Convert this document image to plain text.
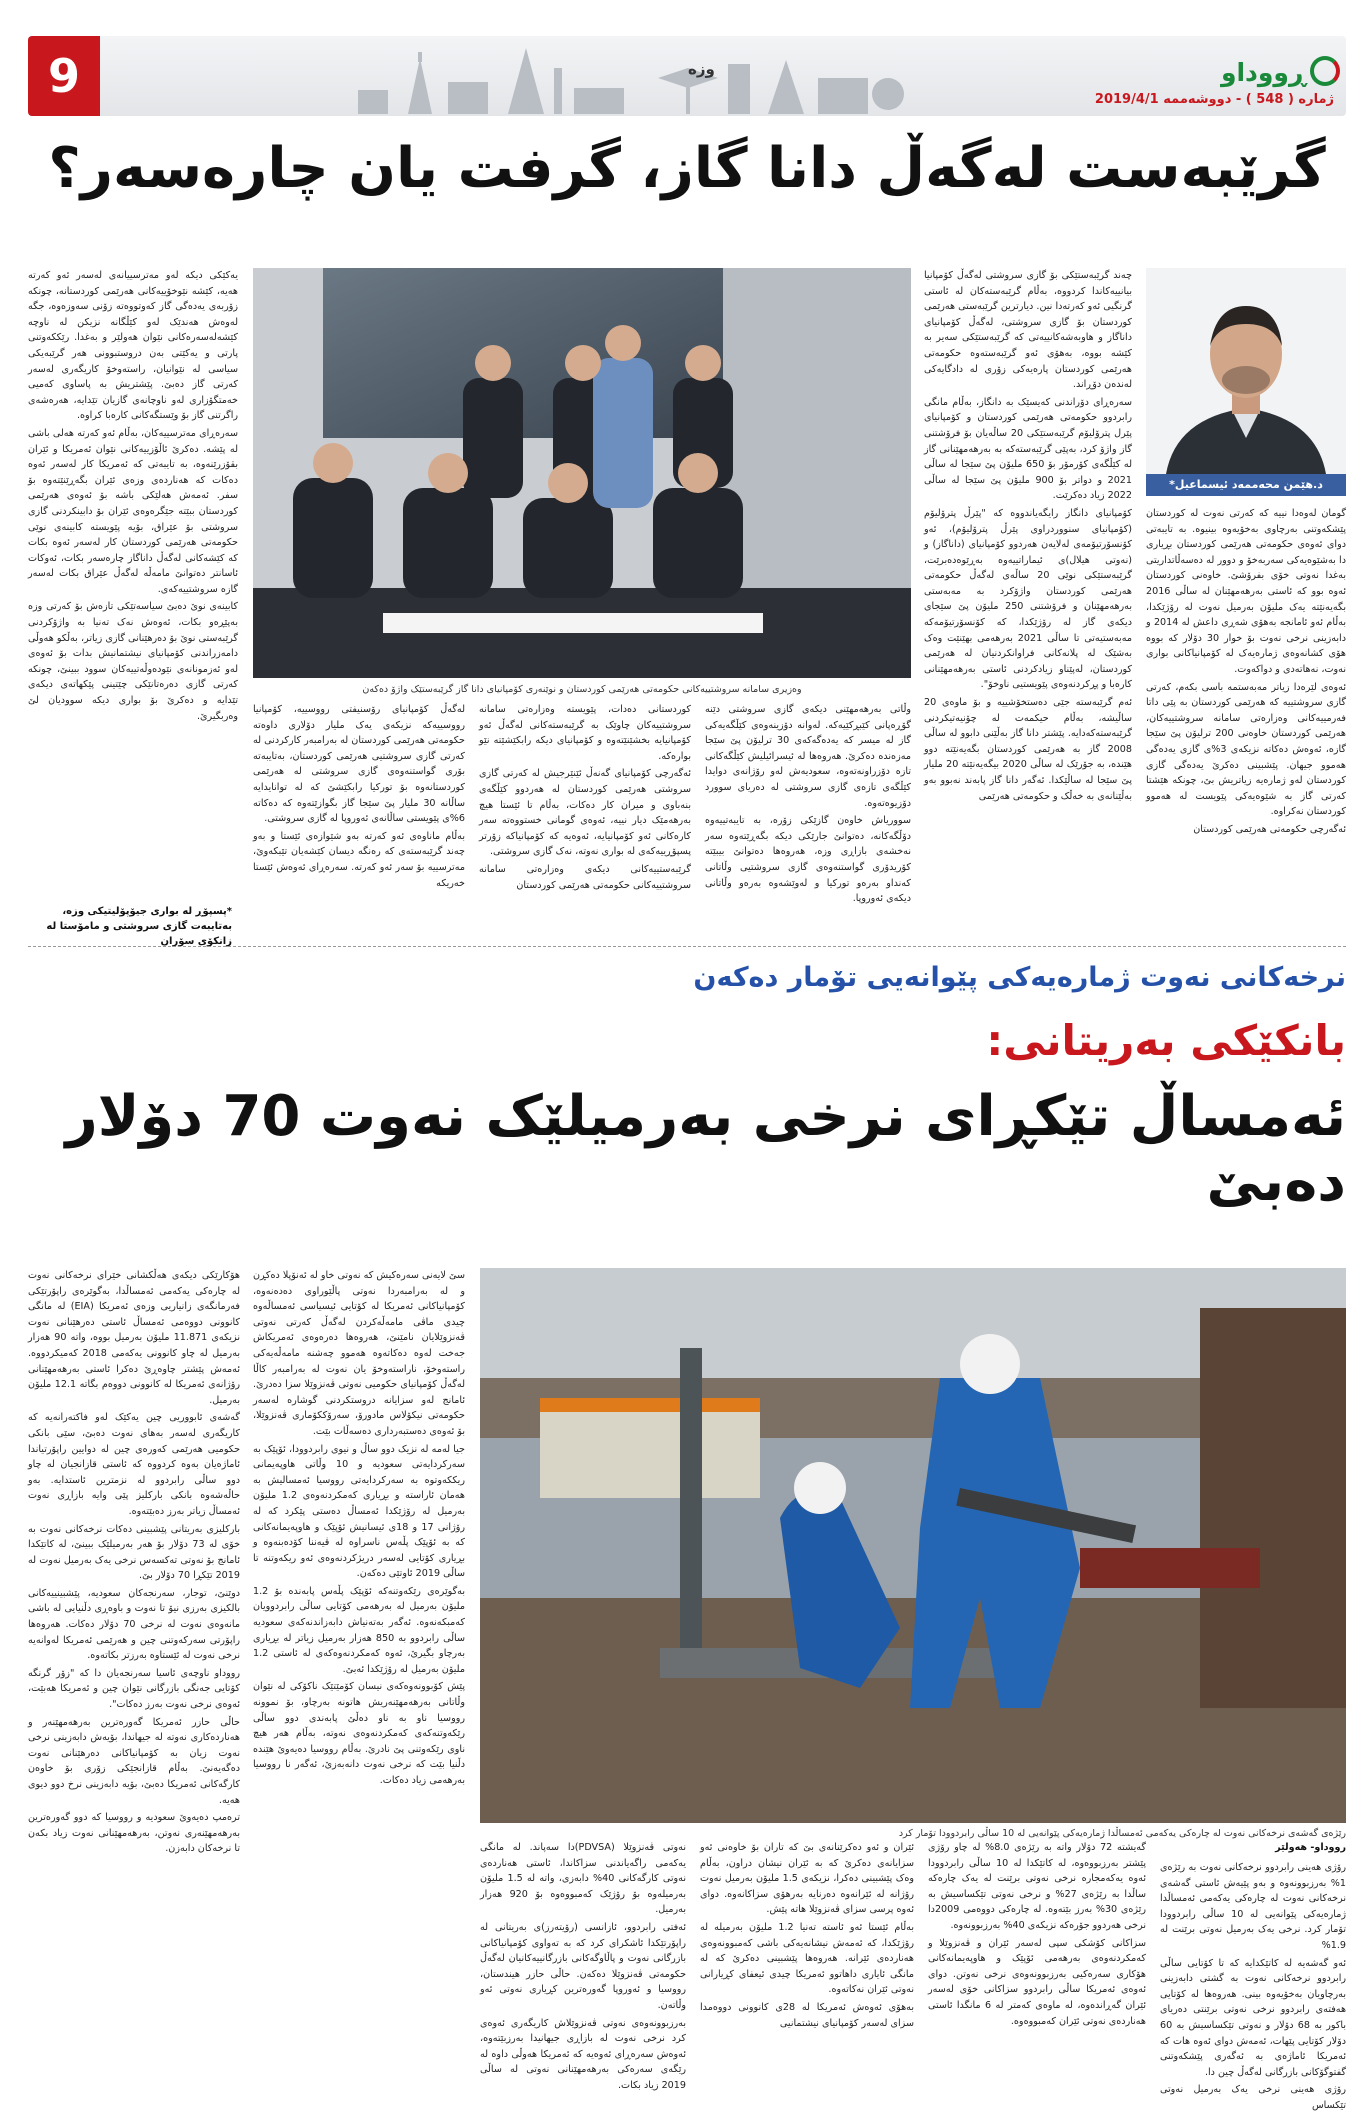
9	وزە	ڕووداو
ژمارە ( 548 ) - دووشەممە 2019/4/1
گرێبەست لەگەڵ دانا گاز، گرفت یان چارەسەر؟
د.هێمن محەممەد ئیسماعیل*

گومان لەوەدا نییە کە کەرتی نەوت لە کوردستان پێشکەوتنی بەرچاوی بەخۆیەوە بینیوە. بە تایبەتی دوای ئەوەی حکومەتی هەرێمی کوردستان بڕیاری دا بەشێوەیەکی سەربەخۆ و دوور لە دەسەڵاتداریتی بەغدا نەوتی خۆی بفرۆشێ. خاوەنی کوردستان ئەوە بوو کە ئاستی بەرهەمهێنان لە ساڵی 2016 بگەیەنێتە یەک ملیۆن بەرمیل نەوت لە رۆژێکدا، بەڵام ئەو ئامانجە بەهۆی شەڕی داعش لە 2014 و دابەزینی نرخی نەوت بۆ خوار 30 دۆلار کە بووە هۆی کشانەوەی ژمارەیەک لە کۆمپانیاکانی بواری نەوت، نەهاتەدی و دواکەوت.

ئەوەی لێرەدا زیاتر مەبەستمە باسی بکەم، کەرتی گازی سروشتییە کە هەرێمی کوردستان بە پێی داتا فەرمییەکانی وەزارەتی سامانە سروشتییەکان، هەرێمی کوردستان خاوەنی 200 ترلیۆن پێ سێجا گازە، ئەوەش دەکاتە نزیکەی 3%ی گازی یەدەگی هەموو جیهان. پێشبینی دەکرێ یەدەگی گازی کوردستان لەو ژمارەیە زیاتریش بێ، چونکە هێشتا کەرتی گاز بە شێوەیەکی پێویست لە هەموو کوردستان نەکراوە.

ئەگەرچی حکومەتی هەرێمی کوردستان

چەند گرێبەستێکی بۆ گازی سروشتی لەگەڵ کۆمپانیا بیانییەکاندا کردووە، بەڵام گرێبەستەکان لە ئاستی گرنگیی ئەو کەرتەدا نین. دیارترین گرێبەستی هەرێمی کوردستان بۆ گازی سروشتی، لەگەڵ کۆمپانیای داناگاز و هاوبەشەکانییەتی کە گرێبەستێکی سەیر بە کێشە بووە، بەهۆی ئەو گرێبەستەوە حکومەتی هەرێمی کوردستان پارەیەکی زۆری لە دادگایەکی لەندەن دۆڕاند.

سەرەڕای دۆراندنی کەیسێک بە دانگاز، بەڵام مانگی رابردوو حکومەتی هەرێمی کوردستان و کۆمپانیای پێرل پترۆلیۆم گرێبەستێکی 20 ساڵەیان بۆ فرۆشتنی گاز واژۆ کرد، بەپێی گرێبەستەکە بە بەرهەمهێنانی گاز لە کێڵگەی کۆرمۆر بۆ 650 ملیۆن پێ سێجا لە ساڵی 2021 و دواتر بۆ 900 ملیۆن پێ سێجا لە ساڵی 2022 زیاد دەکرێت.

کۆمپانیای دانگاز رایگەیاندووە کە "پێرڵ پترۆلیۆم (کۆمپانیای سنووردراوی پێرڵ پترۆلیۆم)، ئەو کۆنسۆرتیۆمەی لەلایەن هەردوو کۆمپانیای (داناگاز) و (نەوتی هیلال)ی ئیماراتییەوە بەڕێوەدەبرێت، گرێبەستێکی نوێی 20 ساڵەی لەگەڵ حکومەتی هەرێمی کوردستان واژۆکرد بە مەبەستی بەرهەمهێنان و فرۆشتنی 250 ملیۆن پێ سێجای دیکەی گاز لە رۆژێکدا، کە کۆنسۆرتیۆمەکە مەبەستیەتی تا ساڵی 2021 بەرهەمی بهێنێت وەک بەشێک لە پلانەکانی فراوانکردنیان لە هەرێمی کوردستان، لەپێناو زیادکردنی ئاستی بەرهەمهێنانی کارەبا و پڕکردنەوەی پێویستیی ناوخۆ".

ئەم گرێبەستە جێی دەستخۆشییە و بۆ ماوەی 20 ساڵیشە، بەڵام حیکمەت لە چۆنیەتیکردنی گرێبەستەکەدایە. پێشتر دانا گاز بەڵێنی دابوو لە ساڵی 2008 گاز بە هەرێمی کوردستان بگەیەنێتە دوو هێندە، بە جۆرێک لە ساڵی 2020 بیگەیەنێتە 20 ملیار پێ سێجا لە ساڵێکدا. ئەگەر دانا گاز پابەند نەبوو بەو بەڵێنانەی بە خەڵک و حکومەتی هەرێمی

وەزیری سامانە سروشتییەکانی حکومەتی هەرێمی کوردستان و نوێنەری کۆمپانیای دانا گاز گرێبەستێک واژۆ دەکەن

کوردستانی دەدات، پێویستە وەزارەتی سامانە سروشتییەکان چاوێک بە گرێبەستەکانی لەگەڵ ئەو کۆمپانیایە بخشێنێتەوە و کۆمپانیای دیکە رابکێشێتە نێو بوارەکە.

ئەگەرچی کۆمپانیای گەنەڵ ئێنێرجیش لە کەرتی گازی سروشتی هەرێمی کوردستان لە هەردوو کێڵگەی بنەباوی و میران کار دەکات، بەڵام تا ئێستا هیچ بەرهەمێک دیار نییە، ئەوەی گومانی خستووەتە سەر کارەکانی ئەو کۆمپانیایە، ئەوەیە کە کۆمپانیاکە زۆرتر پسپۆڕییەکەی لە بواری نەوتە، نەک گازی سروشتی.

گرێبەستییەکانی دیکەی وەزارەتی سامانە سروشتییەکانی حکومەتی هەرێمی کوردستان

لەگەڵ کۆمپانیای رۆسنیفتی رووسییە، کۆمپانیا رووسییەکە نزیکەی یەک ملیار دۆلاری داوەتە حکومەتی هەرێمی کوردستان لە بەرامبەر کارکردنی لە کەرتی گازی سروشتیی هەرێمی کوردستان، بەتایبەتە بۆری گواستنەوەی گازی سروشتی لە هەرێمی کوردستانەوە بۆ تورکیا رابکێشێ کە لە توانایدایە ساڵانە 30 ملیار پێ سێجا گاز بگوازێتەوە کە دەکاتە 6%ی پێویستی ساڵانەی ئەوروپا لە گازی سروشتی.

بەڵام ماناوەی ئەو کەرتە بەو شێوازەی ئێستا و بەو چەند گرێبەستەی کە رەنگە دیسان کێشەیان تێبکەوێ، مەترسییە بۆ سەر ئەو کەرتە. سەرەڕای ئەوەش ئێستا خەریکە

وڵاتی بەرهەمهێنی دیکەی گازی سروشتی دێنە گۆڕەپانی کێبڕکێیەکە. لەوانە دۆزینەوەی کێڵگەیەکی گاز لە میسر کە یەدەگەکەی 30 ترلیۆن پێ سێجا مەزەندە دەکرێ. هەروەها لە ئیسرائیلیش کێڵگەکانی تازە دۆزراونەتەوە، سعودیەش لەو رۆژانەی دوایدا کێڵگەی تازەی گازی سروشتی لە دەریای سوورد دۆزیوەتەوە.

سووریاش خاوەن گازێکی زۆرە، بە تایبەتییەوە دۆڵگەکانە، دەتوانێ جارێکی دیکە بگەڕێتەوە سەر نەخشەی بازاڕی وزە، هەروەها دەتوانێ بیبێتە کۆریدۆری گواستنەوەی گازی سروشتیی وڵاتانی کەنداو بەرەو تورکیا و لەوێشەوە بەرەو وڵاتانی دیکەی ئەوروپا.

یەکێکی دیکە لەو مەترسییانەی لەسەر ئەو کەرتە هەیە، کێشە نێوخۆییەکانی هەرێمی کوردستانە، چونکە زۆربەی یەدەگی گاز کەوتووەتە زۆنی سەوزەوە، جگە لەوەش هەندێک لەو کێڵگانە نزیکن لە ناوچە کێشەلەسەرەکانی نێوان هەولێر و بەغدا. رێککەوتنی پارتی و یەکێتی بەن دروستبوونی هەر گرێبەیکی سیاسی لە نێوانیان، راستەوخۆ کاریگەری لەسەر کەرتی گاز دەبێ. پێشتریش بە پاساوی کەمیی خەمتگۆزاری لەو ناوچانەی گازیان تێدایە، هەرەشەی راگرتنی گاز بۆ وێستگەکانی کارەبا کراوە.

سەرەڕای مەترسییەکان، بەڵام ئەو کەرتە هەلی باشی لە پێشە. دەکرێ ئاڵۆزییەکانی نێوان ئەمریکا و ئێران بقۆزرێنەوە، بە تایبەتی کە ئەمریکا کار لەسەر ئەوە دەکات کە هەناردەی وزەی ئێران بگەڕێنێتەوە بۆ سفر. ئەمەش هەلێکی باشە بۆ ئەوەی هەرێمی کوردستان ببێتە جێگرەوەی ئێران بۆ دابینکردنی گازی سروشتی بۆ عێراق، بۆیە پێویستە کابینەی نوێی حکومەتی هەرێمی کوردستان کار لەسەر ئەوە بکات کە کێشەکانی لەگەڵ داناگاز چارەسەر بکات، ئەوکات ئاسانتر دەتوانێ مامەڵە لەگەڵ عێراق بکات لەسەر گازە سروشتییەکەی.

کابینەی نوێ دەبێ سیاسەتێکی تازەش بۆ کەرتی وزە بەپێڕەو بکات، ئەوەش نەک تەنیا بە واژۆکردنی گرێبەستی نوێ بۆ دەرهێنانی گازی زیاتر، بەڵکو هەوڵی دامەزراندنی کۆمپانیای نیشتمانیش بدات بۆ ئەوەی لەو ئەزمونانەی نێودەوڵەتییەکان سوود ببینێ، چونکە کەرتی گازی دەرەتانێکی چێتینی پێکهاتەی دیکەی تێدایە و دەکرێ بۆ بواری دیکە سوودیان لێ وەربگیرێ.

*پسپۆڕ لە بواری جیۆپۆلیتیکی وزە، بەتایبەت گازی سروشتی و مامۆستا لە زانکۆی سۆران
نرخەکانی نەوت ژمارەیەکی پێوانەیی تۆمار دەکەن
بانکێکی بەریتانی:
ئەمساڵ تێکڕای نرخی بەرمیلێک نەوت 70 دۆلار دەبێ
رێژەی گەشەی نرخەکانی نەوت لە چارەکی یەکەمی ئەمساڵدا ژمارەیەکی پێوانەیی لە 10 ساڵی رابردوودا تۆمار کرد
رووداو- هەولێر

رۆژی هەینی رابردوو نرخەکانی نەوت بە رێژەی 1% بەرزبوونەوە و بەو پێیەش ئاستی گەشەی نرخەکانی نەوت لە چارەکی یەکەمی ئەمساڵدا ژمارەیەکی پێوانەیی لە 10 ساڵی رابردوودا تۆمار کرد. نرخی یەک بەرمیل نەوتی برێنت لە 1.9%

ئەو گەشەیە لە کاتێکدایە کە تا کۆتایی ساڵی رابردوو نرخەکانی نەوت بە گشتی دابەزینی بەرچاویان بەخۆیەوە بینی. هەروەها لە کۆتایی هەفتەی رابردوو نرخی نەوتی برێنتی دەریای باکور بە 68 دۆلار و نەوتی تێکساسیش بە 60 دۆلار کۆتایی پێهات، ئەمەش دوای ئەوە هات کە ئەمریکا ئاماژەی بە ئەگەری پێشکەوتنی گفتوگۆکانی بازرگانی لەگەڵ چین دا.

رۆژی هەینی نرخی یەک بەرمیل نەوتی تێکساس

گەیشتە 72 دۆلار واتە بە رێژەی 8.0% لە چاو رۆژی پێشتر بەرزبووەوە، لە کاتێکدا لە 10 ساڵی رابردوودا ئەوە یەکەمجارە نرخی نەوتی برێنت لە یەک چارەکە ساڵدا بە رێژەی 27% و نرخی نەوتی تێکساسیش بە رێژەی 30% بەرز بێتەوە. لە چارەکی دووەمی 2009دا نرخی هەردوو جۆرەکە نزیکەی 40% بەرزبوونەوە.

سزاکانی کۆشکی سپی لەسەر ئێران و ڤەنزوێلا و کەمکردنەوەی بەرهەمی ئۆپێک و هاوپەیمانەکانی هۆکاری سەرەکیی بەرزبوونەوەی نرخی نەوتن. دوای ئەوەی ئەمریکا ساڵی رابردوو سزاکانی خۆی لەسەر ئێران گەڕاندەوە، لە ماوەی کەمتر لە 6 مانگدا ئاستی هەناردەی نەوتی ئێران کەمبووەوە.

ئێران و ئەو دەکرێنانەی بێ کە تاران بۆ خاوەنی ئەو سزایانەی دەکرێ کە بە ئێران نیشان دراون، بەڵام وەک پێشبینی دەکرا، نزیکەی 1.5 ملیۆن بەرمیل نەوت رۆژانە لە ئێرانەوە دەرنایە بەرهۆی سزاکانەوە. دوای ئەوە پرسی سزای ڤەنزوێلا هاتە پێش.

بەڵام ئێستا ئەو ئاستە تەنیا 1.2 ملیۆن بەرمیلە لە رۆژێکدا، کە ئەمەش نیشانەیەکی باشی کەمبوونەوەی هەناردەی ئێرانە. هەروەها پێشبینی دەکرێ کە لە مانگی ئایاری داهاتوو ئەمریکا چیدی ئیعفای کڕیارانی نەوتی ئێران نەکاتەوە.

بەهۆی ئەوەش ئەمریکا لە 28ی کانوونی دووەمدا سزای لەسەر کۆمپانیای نیشتمانیی

نەوتی ڤەنزوێلا (PDVSA)دا سەپاند. لە مانگی یەکەمی راگەیاندنی سزاکاندا، ئاستی هەناردەی نەوتی کارگەکانی 40% دابەزی، واتە لە 1.5 ملیۆن بەرمیلەوە بۆ رۆژێک کەمبووەوە بۆ 920 هەزار بەرمیل.

ئەفتی رابردوو، ئازانسی (رۆیتەرز)ی بەریتانی لە راپۆرتێکدا ئاشکرای کرد کە بە تەواوی کۆمپانیاکانی بازرگانی نەوت و پاڵاوگەکانی بازرگانییەکانیان لەگەڵ حکومەتی ڤەنزوێلا دەکەن. حاڵی حازر هیندستان، رووسیا و ئەوروپا گەورەترین کڕیاری نەوتی ئەو وڵاتەن.

بەرزبوونەوەی نەوتی ڤەنزوێلاش کاریگەری ئەوەی کرد نرخی نەوت لە بازاڕی جیهانیدا بەرزبێتەوە، ئەوەش سەرەڕای ئەوەیە کە ئەمریکا هەوڵی داوە لە رێگەی سەرەکی بەرهەمهێنانی نەوتی لە ساڵی 2019 زیاد بکات.

سێ لایەنی سەرەکیش کە نەوتی خاو لە ئەنۆپلا دەکڕن و لە بەرامبەردا نەوتی پاڵێوراوی دەدەنەوە، کۆمپانیاکانی ئەمریکا لە کۆتایی ئیسیاسی ئەمساڵەوە چیدی ماڤی مامەڵەکردن لەگەڵ کەرتی نەوتی ڤەنزوێلایان نامێنێ، هەروەها دەرەوەی ئەمریکاش جەخت لەوە دەکاتەوە هەموو چەشنە مامەڵەیەکی راستەوخۆ، ناراستەوخۆ یان نەوت لە بەرامبەر کاڵا لەگەڵ کۆمپانیای حکومیی نەوتی ڤەنزوێلا سزا دەدرێ. ئامانج لەو سزایانە دروستکردنی گوشارە لەسەر حکومەتی نیکۆلاس مادورۆ، سەرۆککۆماری ڤەنزوێلا، بۆ ئەوەی دەستبەرداری دەسەڵات بێت.

جیا لەمە لە نزیک دوو ساڵ و نیوی رابردوودا، ئۆپێک بە سەرکردایەتی سعودیە و 10 وڵاتی هاوپەیمانی ریککەوتوە بە سەرکردایەتی رووسیا ئەمسالیش بە هەمان ئاراستە و بڕیاری کەمکردنەوەی 1.2 ملیۆن بەرمیل لە رۆژێکدا ئەمساڵ دەستی پێکرد کە لە رۆژانی 17 و 18ی ئیسانیش ئۆپێک و هاوپەیمانەکانی کە بە ئۆپێک پڵەس ناسراوە لە ڤیەننا کۆدەبنەوە و بڕیاری کۆتایی لەسەر دریژکردنەوەی ئەو ریکەوتنە تا ساڵی 2019 ئاوتێی دەکەن.

بەگوێرەی رێکەوتنەکە ئۆپێک پڵەس پابەندە بۆ 1.2 ملیۆن بەرمیل لە بەرهەمی کۆتایی ساڵی رابردوویان کەمبکەنەوە. ئەگەر بەتەنیاش دابەزاندنەکەی سعودیە ساڵی رابردوو بە 850 هەزار بەرمیل زیاتر لە بڕیاری بەرچاو بگیرێ، ئەوە کەمکردنەوەکەی لە ئاستی 1.2 ملیۆن بەرمیل لە رۆژێکدا ئەبێ.

پێش کۆبوونەوەکەی نیسان کۆمێتێک ناکۆکی لە نێوان وڵاتانی بەرهەمهێنەریش هاتونە بەرچاو، بۆ نموونە رووسیا ناو بە ناو دەڵێ پابەندی دوو ساڵی رێکەوتنەکەی کەمکردنەوەی نەوتە، بەڵام هەر هیچ ناوی رێکەوتنی پێ نادرێ. بەڵام رووسیا دەیەوێ هێندە دڵنیا بێت کە نرخی نەوت دانەبەزێ، ئەگەر نا رووسیا بەرهەمی زیاد دەکات.

هۆکارێکی دیکەی هەڵکشانی خێرای نرخەکانی نەوت لە چارەکی یەکەمی ئەمساڵدا، بەگوێرەی راپۆرتێکی فەرمانگەی زانیاریی وزەی ئەمریکا (EIA) لە مانگی کانوونی دووەمی ئەمساڵ ئاستی دەرهێنانی نەوت نزیکەی 11.871 ملیۆن بەرمیل بووە، واتە 90 هەزار بەرمیل لە چاو کانوونی یەکەمی 2018 کەمیکردووە. ئەمەش پێشتر چاوەڕێ دەکرا ئاستی بەرهەمهێنانی رۆژانەی ئەمریکا لە کانوونی دووەم بگاتە 12.1 ملیۆن بەرمیل.

گەشەی ئابووریی چین یەکێک لەو فاکتەرانەیە کە کاریگەری لەسەر بەهای نەوت دەبێ، سێی بانکی حکومیی هەرێمی کەورەی چین لە دوایین راپۆرتیاندا ئاماژەیان بەوە کردووە کە ئاستی قازانجیان لە چاو دوو ساڵی رابردوو لە نزمترین ئاستدایە. بەو حاڵەشەوە بانکی بارکلیز پێی وایە بازاڕی نەوت ئەمساڵ زیاتر بەرز دەبێتەوە.

بارکلیزی بەریتانی پێشبینی دەکات نرخەکانی نەوت بە خۆی لە 73 دۆلار بۆ هەر بەرمیلێک ببینێ، لە کاتێکدا ئامانج بۆ نەوتی تەکسەس نرخی یەک بەرمیل نەوت لە 2019 تێکڕا 70 دۆلار بێ.

دوێنێ، توجار، سەرنجەکان سعودیە، پێشبینییەکانی بالکیزی بەرزی نیۆ تا نەوت و باوەڕی دڵنیایی لە باشی مانەوەی نەوت لە نرخی 70 دۆلار دەکات. هەروەها راپۆرتی سەرکەوتنی چین و هەرێمی ئەمریکا لەوانەیە نرخی نەوت لە ئێستاوە بەرزتر بکاتەوە.

رووداو ناوچەی ئاسیا سەرنجەیان دا کە "زۆر گرنگە کۆتایی جەنگی بازرگانی نێوان چین و ئەمریکا هەبێت، ئەوەی نرخی نەوت بەرز دەکات".

حاڵی حازر ئەمریکا گەورەترین بەرهەمهێنەر و هەناردەکاری نەوتە لە جیهاندا، بۆیەش دابەزینی نرخی نەوت زیان بە کۆمپانیاکانی دەرهێنانی نەوت دەگەیەنێ. بەڵام قازانجێکی زۆری بۆ خاوەن کارگەکانی ئەمریکا دەبێ، بۆیە دابەزینی نرخ دوو دیوی هەیە.

ترەمپ دەیەوێ سعودیە و رووسیا کە دوو گەورەترین بەرهەمهێنەری نەوتن، بەرهەمهێنانی نەوت زیاد بکەن تا نرخەکان دابەزن.
